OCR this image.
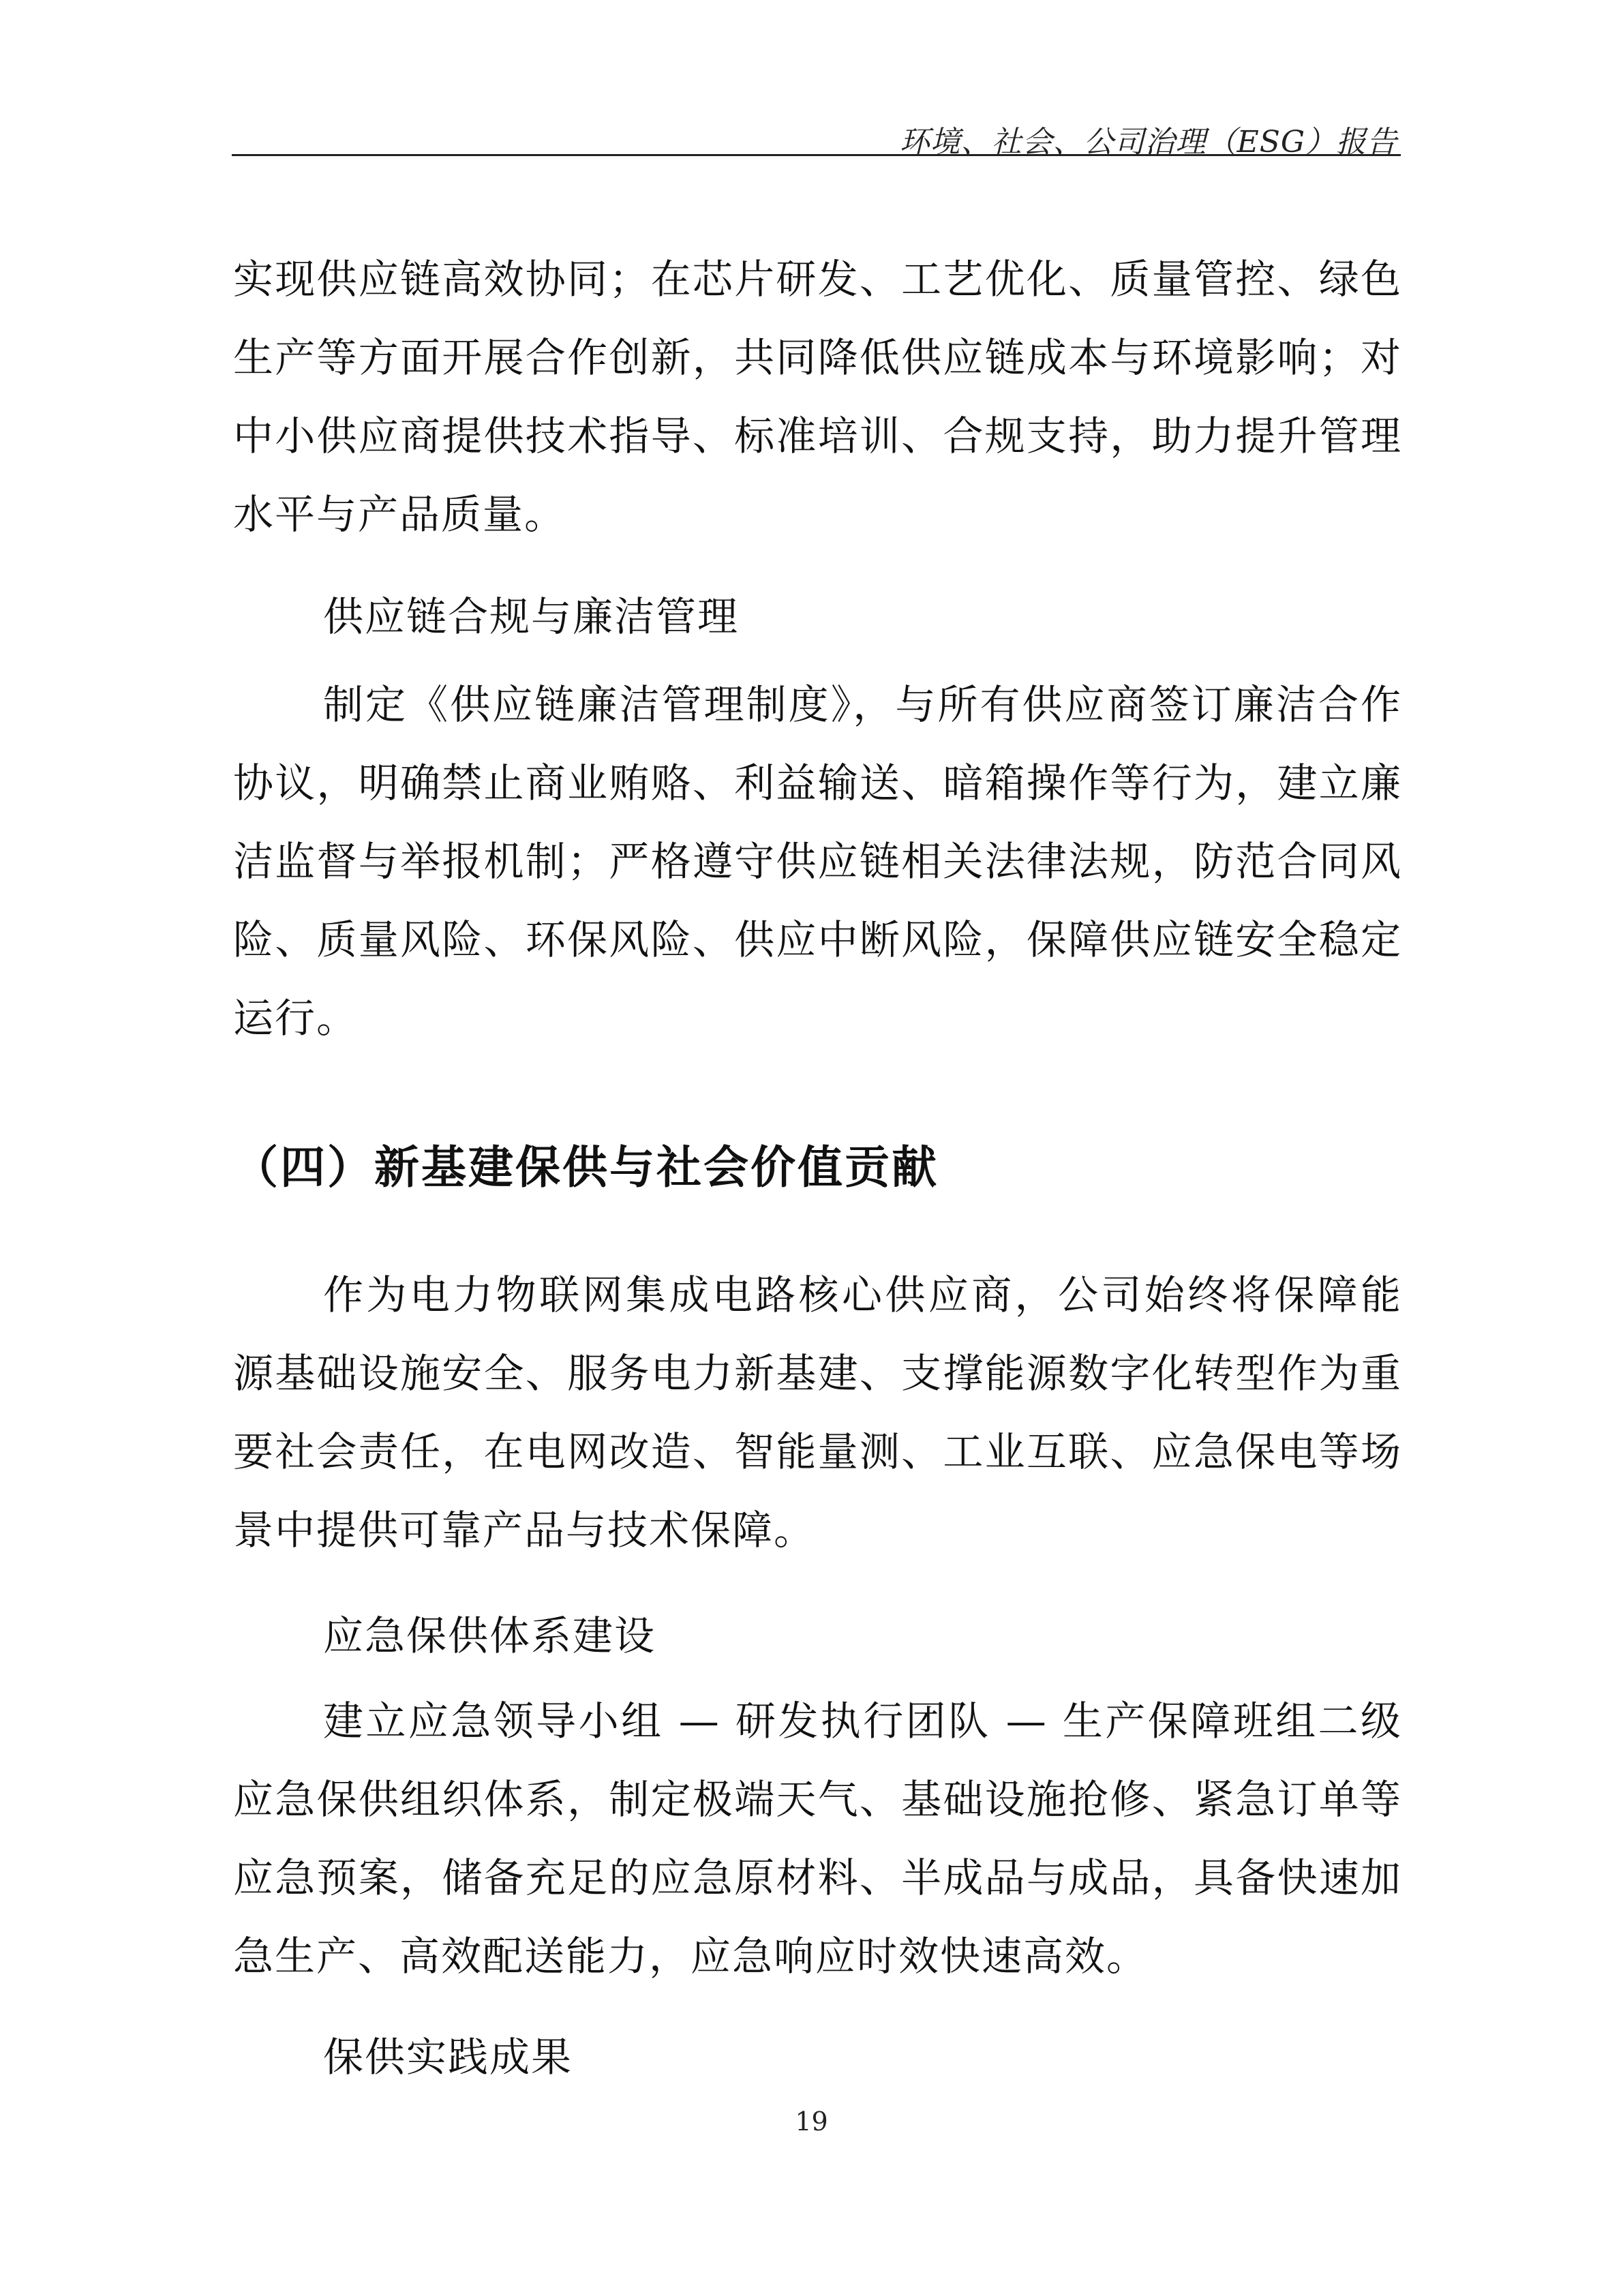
环境、社会、公司治理（ESG）报告

实现供应链高效协同；在芯片研发、工艺优化、质量管控、绿色生产等方面开展合作创新，共同降低供应链成本与环境影响；对中小供应商提供技术指导、标准培训、合规支持，助力提升管理水平与产品质量。

供应链合规与廉洁管理

制定《供应链廉洁管理制度》，与所有供应商签订廉洁合作协议，明确禁止商业贿赂、利益输送、暗箱操作等行为，建立廉洁监督与举报机制；严格遵守供应链相关法律法规，防范合同风险、质量风险、环保风险、供应中断风险，保障供应链安全稳定运行。

（四）新基建保供与社会价值贡献

作为电力物联网集成电路核心供应商，公司始终将保障能源基础设施安全、服务电力新基建、支撑能源数字化转型作为重要社会责任，在电网改造、智能量测、工业互联、应急保电等场景中提供可靠产品与技术保障。

应急保供体系建设

建立应急领导小组 — 研发执行团队 — 生产保障班组二级应急保供组织体系，制定极端天气、基础设施抢修、紧急订单等应急预案，储备充足的应急原材料、半成品与成品，具备快速加急生产、高效配送能力，应急响应时效快速高效。

保供实践成果

19
